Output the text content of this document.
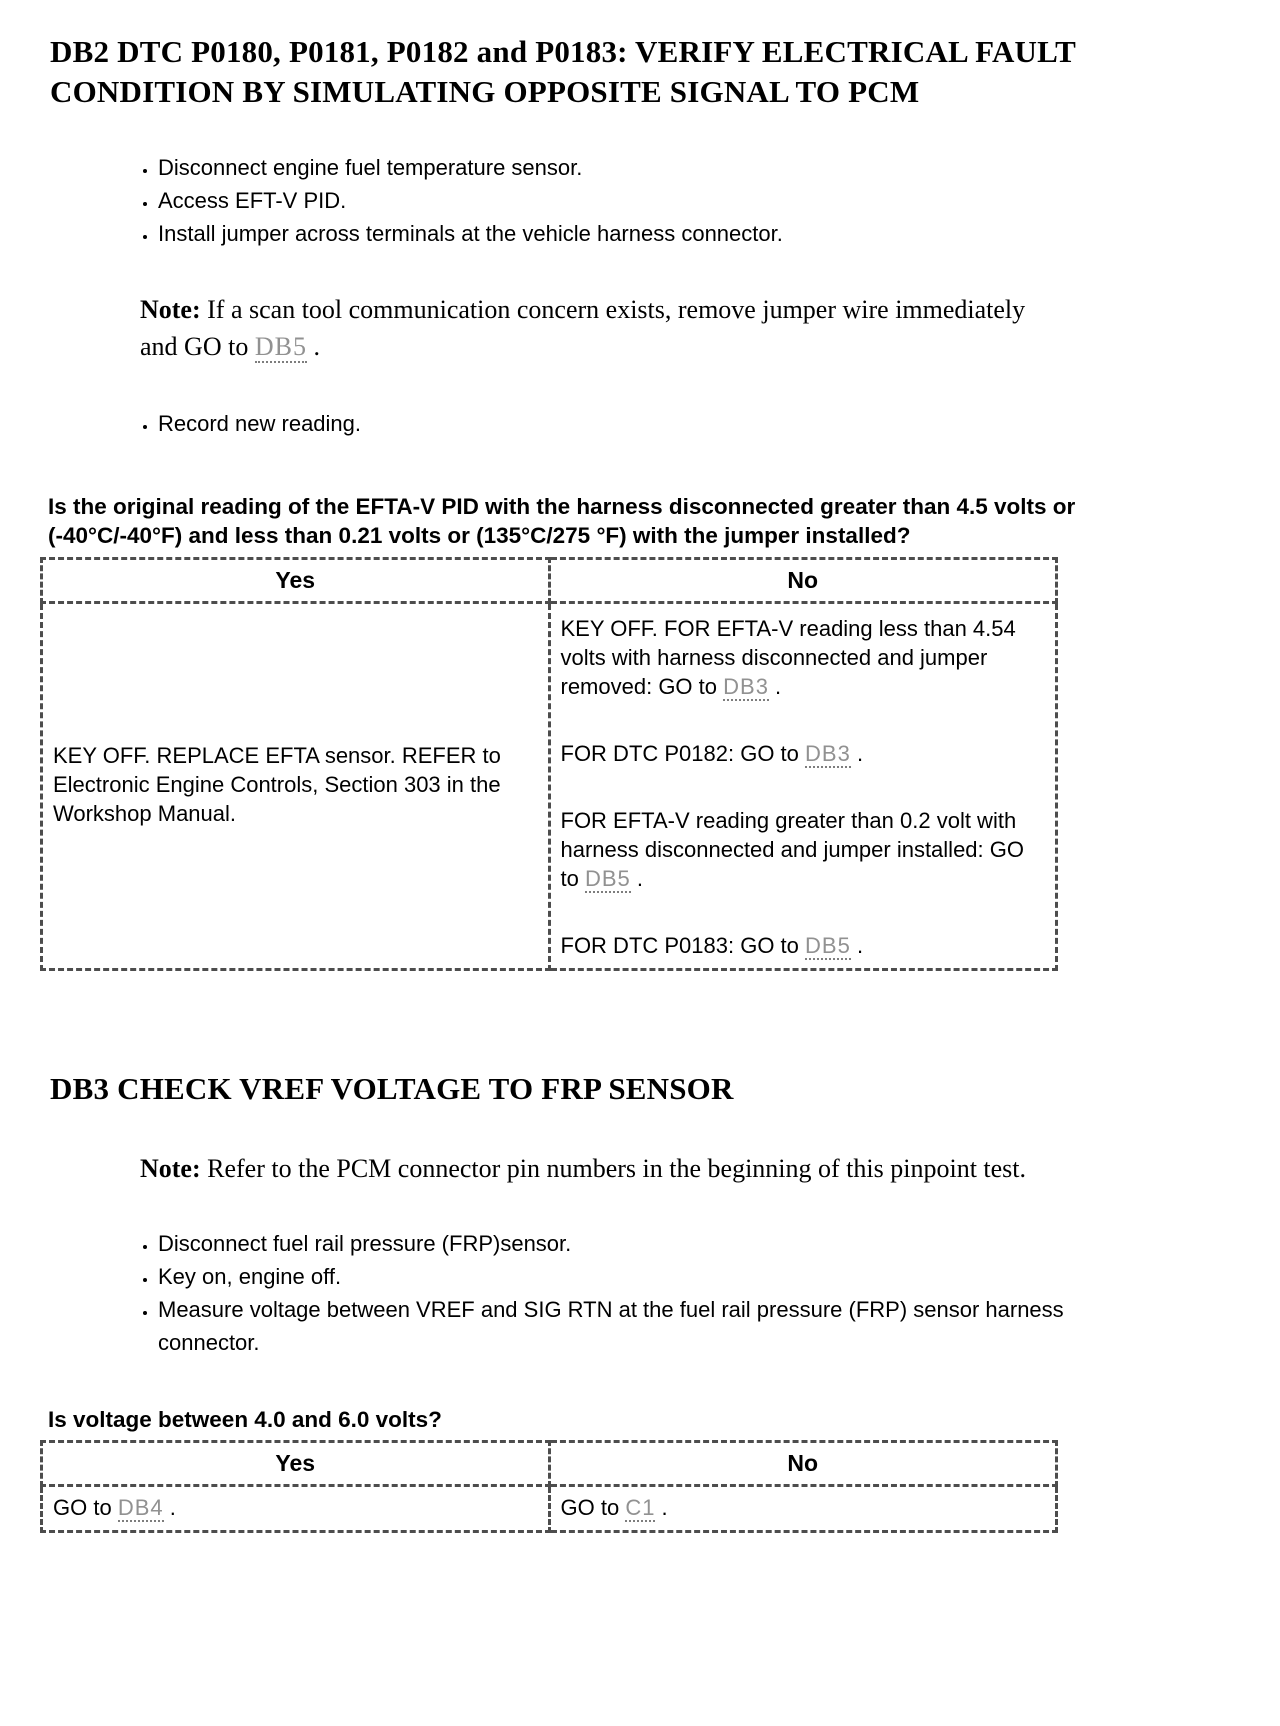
DB2 DTC P0180, P0181, P0182 and P0183: VERIFY ELECTRICAL FAULT CONDITION BY SIMULATING OPPOSITE SIGNAL TO PCM
• Disconnect engine fuel temperature sensor.
• Access EFT-V PID.
• Install jumper across terminals at the vehicle harness connector.

Note: If a scan tool communication concern exists, remove jumper wire immediately and GO to DB5 .

• Record new reading.

Is the original reading of the EFTA-V PID with the harness disconnected greater than 4.5 volts or (-40°C/-40°F) and less than 0.21 volts or (135°C/275 °F) with the jumper installed?

Yes	No
KEY OFF. REPLACE EFTA sensor. REFER to Electronic Engine Controls, Section 303 in the Workshop Manual.	KEY OFF. FOR EFTA-V reading less than 4.54 volts with harness disconnected and jumper removed: GO to DB3 .

FOR DTC P0182: GO to DB3 .

FOR EFTA-V reading greater than 0.2 volt with harness disconnected and jumper installed: GO to DB5 .

FOR DTC P0183: GO to DB5 .

DB3 CHECK VREF VOLTAGE TO FRP SENSOR

Note: Refer to the PCM connector pin numbers in the beginning of this pinpoint test.

• Disconnect fuel rail pressure (FRP)sensor.
• Key on, engine off.
• Measure voltage between VREF and SIG RTN at the fuel rail pressure (FRP) sensor harness connector.

Is voltage between 4.0 and 6.0 volts?

Yes	No
GO to DB4 .	GO to C1 .
